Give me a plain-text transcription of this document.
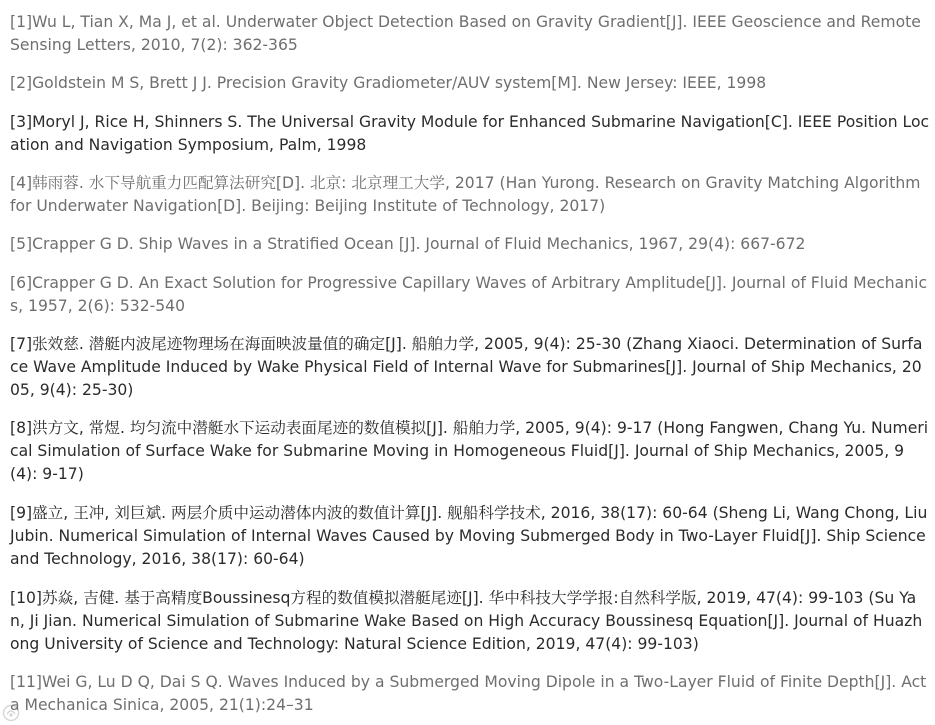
[1]Wu L, Tian X, Ma J, et al. Underwater Object Detection Based on Gravity Gradient[J]. IEEE Geoscience and Remote Sensing Letters, 2010, 7(2): 362-365

[2]Goldstein M S, Brett J J. Precision Gravity Gradiometer/AUV system[M]. New Jersey: IEEE, 1998

[3]Moryl J, Rice H, Shinners S. The Universal Gravity Module for Enhanced Submarine Navigation[C]. IEEE Position Location and Navigation Symposium, Palm, 1998

[4]韩雨蓉. 水下导航重力匹配算法研究[D]. 北京: 北京理工大学, 2017 (Han Yurong. Research on Gravity Matching Algorithm for Underwater Navigation[D]. Beijing: Beijing Institute of Technology, 2017)

[5]Crapper G D. Ship Waves in a Stratified Ocean [J]. Journal of Fluid Mechanics, 1967, 29(4): 667-672

[6]Crapper G D. An Exact Solution for Progressive Capillary Waves of Arbitrary Amplitude[J]. Journal of Fluid Mechanics, 1957, 2(6): 532-540

[7]张效慈. 潜艇内波尾迹物理场在海面映波量值的确定[J]. 船舶力学, 2005, 9(4): 25-30 (Zhang Xiaoci. Determination of Surface Wave Amplitude Induced by Wake Physical Field of Internal Wave for Submarines[J]. Journal of Ship Mechanics, 2005, 9(4): 25-30)

[8]洪方文, 常煜. 均匀流中潜艇水下运动表面尾迹的数值模拟[J]. 船舶力学, 2005, 9(4): 9-17 (Hong Fangwen, Chang Yu. Numerical Simulation of Surface Wake for Submarine Moving in Homogeneous Fluid[J]. Journal of Ship Mechanics, 2005, 9(4): 9-17)

[9]盛立, 王冲, 刘巨斌. 两层介质中运动潜体内波的数值计算[J]. 舰船科学技术, 2016, 38(17): 60-64 (Sheng Li, Wang Chong, Liu Jubin. Numerical Simulation of Internal Waves Caused by Moving Submerged Body in Two-Layer Fluid[J]. Ship Science and Technology, 2016, 38(17): 60-64)

[10]苏焱, 吉健. 基于高精度Boussinesq方程的数值模拟潜艇尾迹[J]. 华中科技大学学报:自然科学版, 2019, 47(4): 99-103 (Su Yan, Ji Jian. Numerical Simulation of Submarine Wake Based on High Accuracy Boussinesq Equation[J]. Journal of Huazhong University of Science and Technology: Natural Science Edition, 2019, 47(4): 99-103)

[11]Wei G, Lu D Q, Dai S Q. Waves Induced by a Submerged Moving Dipole in a Two-Layer Fluid of Finite Depth[J]. Acta Mechanica Sinica, 2005, 21(1):24–31
